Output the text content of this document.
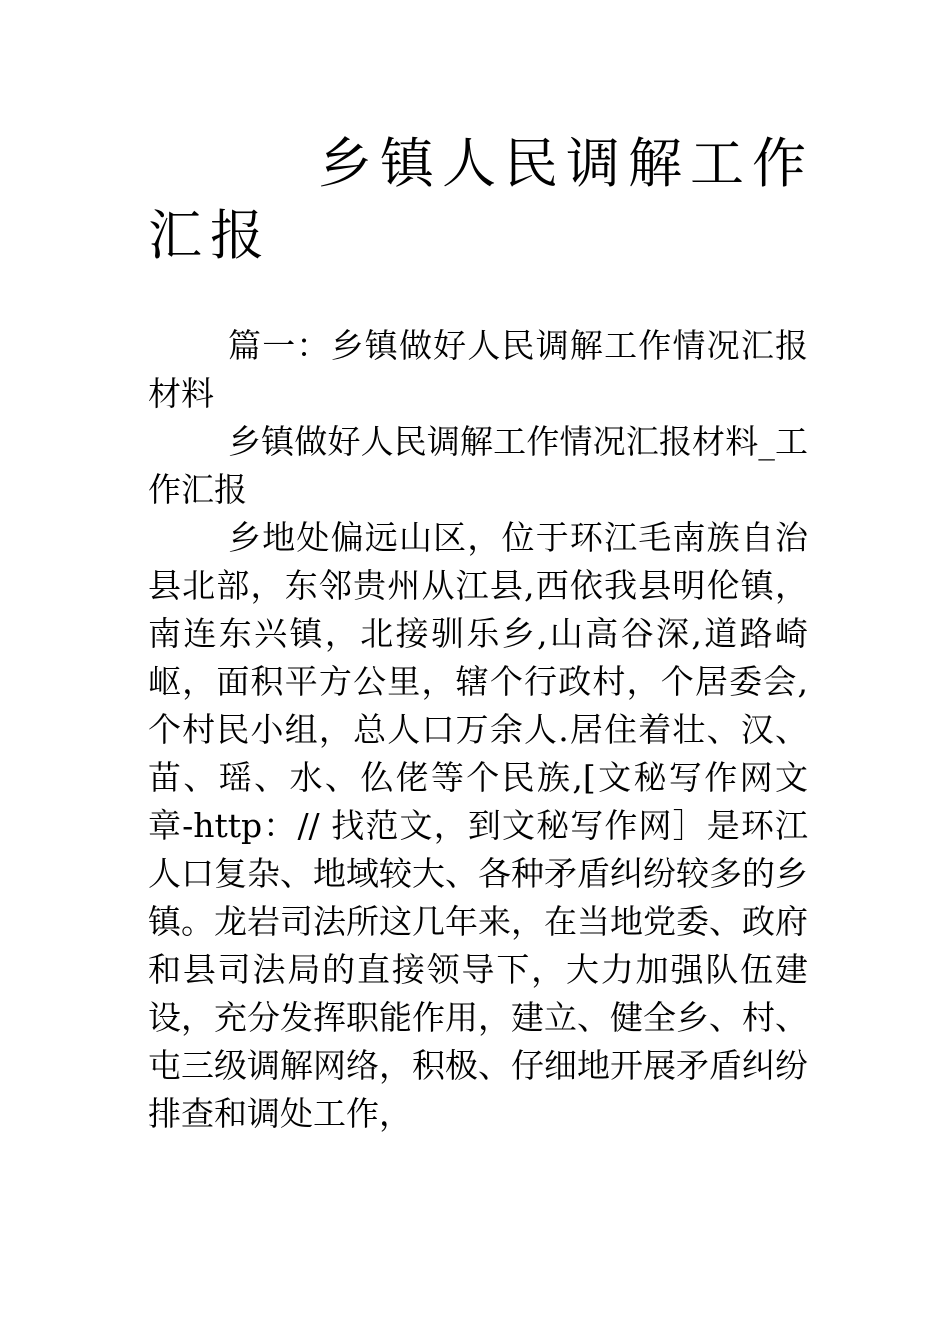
乡镇人民调解工作
汇报

篇一：乡镇做好人民调解工作情况汇报材料

乡镇做好人民调解工作情况汇报材料_工作汇报

乡地处偏远山区，位于环江毛南族自治县北部，东邻贵州从江县,西依我县明伦镇，南连东兴镇，北接驯乐乡,山高谷深,道路崎岖，面积平方公里，辖个行政村，个居委会,个村民小组，总人口万余人.居住着壮、汉、苗、瑶、水、仫佬等个民族,[文秘写作网文章-http：// 找范文，到文秘写作网］是环江人口复杂、地域较大、各种矛盾纠纷较多的乡镇。龙岩司法所这几年来，在当地党委、政府和县司法局的直接领导下，大力加强队伍建设，充分发挥职能作用，建立、健全乡、村、屯三级调解网络，积极、仔细地开展矛盾纠纷排查和调处工作，
